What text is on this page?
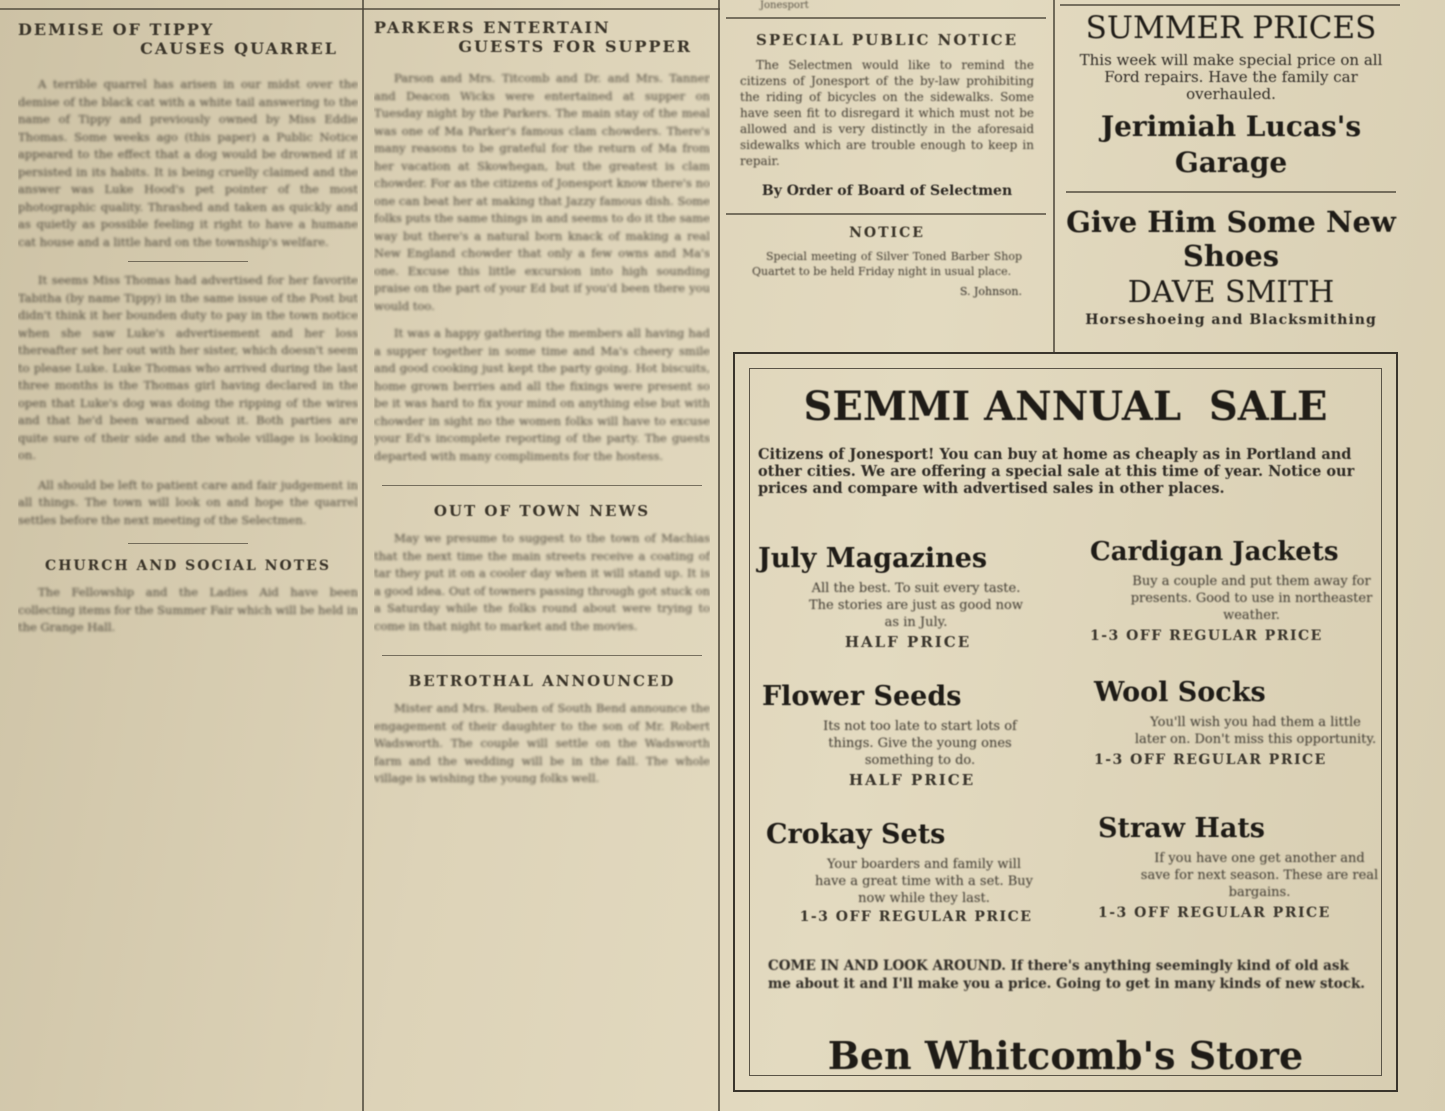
DEMISE OF TIPPY
CAUSES QUARREL
A terrible quarrel has arisen in our midst over the demise of the black cat with a white tail answering to the name of Tippy and previously owned by Miss Eddie Thomas. Some weeks ago (this paper) a Public Notice appeared to the effect that a dog would be drowned if it persisted in its habits. It is being cruelly claimed and the answer was Luke Hood's pet pointer of the most photographic quality. Thrashed and taken as quickly and as quietly as possible feeling it right to have a humane cat house and a little hard on the township's welfare.
It seems Miss Thomas had advertised for her favorite Tabitha (by name Tippy) in the same issue of the Post but didn't think it her bounden duty to pay in the town notice when she saw Luke's advertisement and her loss thereafter set her out with her sister, which doesn't seem to please Luke. Luke Thomas who arrived during the last three months is the Thomas girl having declared in the open that Luke's dog was doing the ripping of the wires and that he'd been warned about it. Both parties are quite sure of their side and the whole village is looking on.
All should be left to patient care and fair judgement in all things. The town will look on and hope the quarrel settles before the next meeting of the Selectmen.
CHURCH AND SOCIAL NOTES
The Fellowship and the Ladies Aid have been collecting items for the Summer Fair which will be held in the Grange Hall.
PARKERS ENTERTAIN
GUESTS FOR SUPPER
Parson and Mrs. Titcomb and Dr. and Mrs. Tanner and Deacon Wicks were entertained at supper on Tuesday night by the Parkers. The main stay of the meal was one of Ma Parker's famous clam chowders. There's many reasons to be grateful for the return of Ma from her vacation at Skowhegan, but the greatest is clam chowder. For as the citizens of Jonesport know there's no one can beat her at making that Jazzy famous dish. Some folks puts the same things in and seems to do it the same way but there's a natural born knack of making a real New England chowder that only a few owns and Ma's one. Excuse this little excursion into high sounding praise on the part of your Ed but if you'd been there you would too.
It was a happy gathering the members all having had a supper together in some time and Ma's cheery smile and good cooking just kept the party going. Hot biscuits, home grown berries and all the fixings were present so be it was hard to fix your mind on anything else but with chowder in sight no the women folks will have to excuse your Ed's incomplete reporting of the party. The guests departed with many compliments for the hostess.
OUT OF TOWN NEWS
May we presume to suggest to the town of Machias that the next time the main streets receive a coating of tar they put it on a cooler day when it will stand up. It is a good idea. Out of towners passing through got stuck on a Saturday while the folks round about were trying to come in that night to market and the movies.
BETROTHAL ANNOUNCED
Mister and Mrs. Reuben of South Bend announce the engagement of their daughter to the son of Mr. Robert Wadsworth. The couple will settle on the Wadsworth farm and the wedding will be in the fall. The whole village is wishing the young folks well.
Jonesport
SPECIAL PUBLIC NOTICE
The Selectmen would like to remind the citizens of Jonesport of the by-law prohibiting the riding of bicycles on the sidewalks. Some have seen fit to disregard it which must not be allowed and is very distinctly in the aforesaid sidewalks which are trouble enough to keep in repair.
By Order of Board of Selectmen
NOTICE
Special meeting of Silver Toned Barber Shop Quartet to be held Friday night in usual place.
S. Johnson.
SUMMER PRICES
This week will make special price on all Ford repairs. Have the family car overhauled.
Jerimiah Lucas's
Garage
Give Him Some New
Shoes
DAVE SMITH
Horseshoeing and Blacksmithing
SEMMI ANNUAL  SALE
Citizens of Jonesport! You can buy at home as cheaply as in Portland and other cities. We are offering a special sale at this time of year. Notice our prices and compare with advertised sales in other places.
July Magazines
All the best. To suit every taste. The stories are just as good now as in July.
HALF PRICE
Flower Seeds
Its not too late to start lots of things. Give the young ones something to do.
HALF PRICE
Crokay Sets
Your boarders and family will have a great time with a set. Buy now while they last.
1-3 OFF REGULAR PRICE
Cardigan Jackets
Buy a couple and put them away for presents. Good to use in northeaster weather.
1-3 OFF REGULAR PRICE
Wool Socks
You'll wish you had them a little later on. Don't miss this opportunity.
1-3 OFF REGULAR PRICE
Straw Hats
If you have one get another and save for next season. These are real bargains.
1-3 OFF REGULAR PRICE
COME IN AND LOOK AROUND. If there's anything seemingly kind of old ask me about it and I'll make you a price. Going to get in many kinds of new stock.
Ben Whitcomb's Store
